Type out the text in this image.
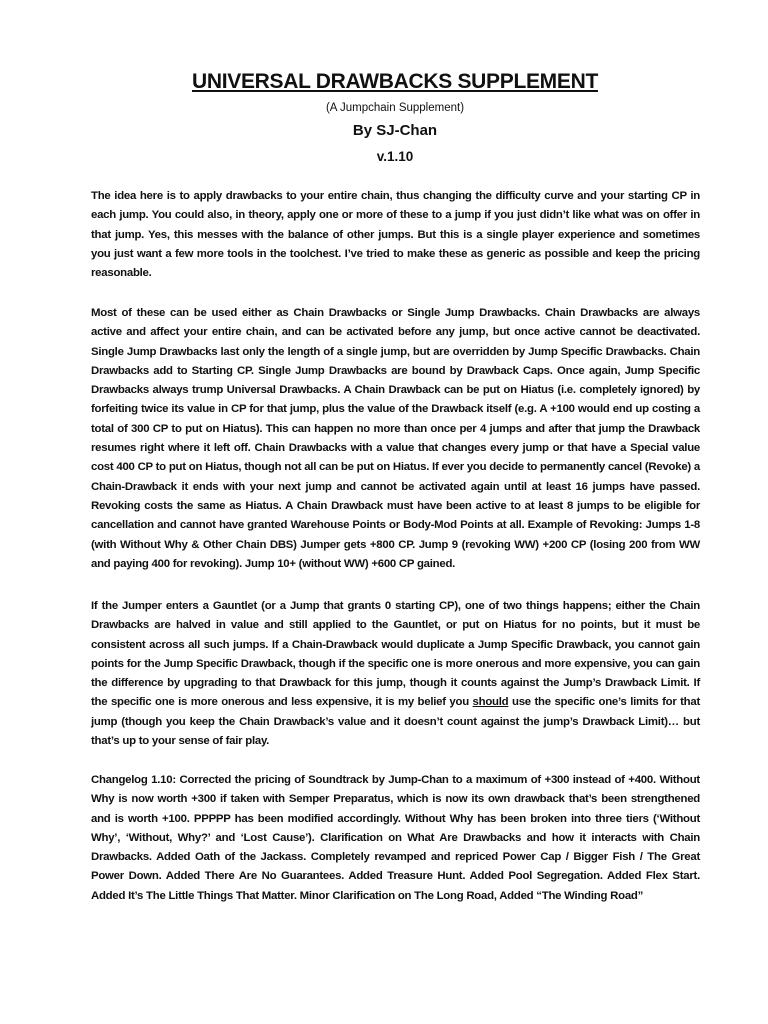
UNIVERSAL DRAWBACKS SUPPLEMENT
(A Jumpchain Supplement)
By SJ-Chan
v.1.10

The idea here is to apply drawbacks to your entire chain, thus changing the difficulty curve and your starting CP in each jump. You could also, in theory, apply one or more of these to a jump if you just didn’t like what was on offer in that jump. Yes, this messes with the balance of other jumps. But this is a single player experience and sometimes you just want a few more tools in the toolchest. I’ve tried to make these as generic as possible and keep the pricing reasonable.

Most of these can be used either as Chain Drawbacks or Single Jump Drawbacks. Chain Drawbacks are always active and affect your entire chain, and can be activated before any jump, but once active cannot be deactivated. Single Jump Drawbacks last only the length of a single jump, but are overridden by Jump Specific Drawbacks. Chain Drawbacks add to Starting CP. Single Jump Drawbacks are bound by Drawback Caps. Once again, Jump Specific Drawbacks always trump Universal Drawbacks. A Chain Drawback can be put on Hiatus (i.e. completely ignored) by forfeiting twice its value in CP for that jump, plus the value of the Drawback itself (e.g. A +100 would end up costing a total of 300 CP to put on Hiatus). This can happen no more than once per 4 jumps and after that jump the Drawback resumes right where it left off. Chain Drawbacks with a value that changes every jump or that have a Special value cost 400 CP to put on Hiatus, though not all can be put on Hiatus. If ever you decide to permanently cancel (Revoke) a Chain-Drawback it ends with your next jump and cannot be activated again until at least 16 jumps have passed. Revoking costs the same as Hiatus. A Chain Drawback must have been active to at least 8 jumps to be eligible for cancellation and cannot have granted Warehouse Points or Body-Mod Points at all. Example of Revoking: Jumps 1-8 (with Without Why & Other Chain DBS) Jumper gets +800 CP. Jump 9 (revoking WW) +200 CP (losing 200 from WW and paying 400 for revoking). Jump 10+ (without WW) +600 CP gained.

If the Jumper enters a Gauntlet (or a Jump that grants 0 starting CP), one of two things happens; either the Chain Drawbacks are halved in value and still applied to the Gauntlet, or put on Hiatus for no points, but it must be consistent across all such jumps. If a Chain-Drawback would duplicate a Jump Specific Drawback, you cannot gain points for the Jump Specific Drawback, though if the specific one is more onerous and more expensive, you can gain the difference by upgrading to that Drawback for this jump, though it counts against the Jump’s Drawback Limit. If the specific one is more onerous and less expensive, it is my belief you should use the specific one’s limits for that jump (though you keep the Chain Drawback’s value and it doesn’t count against the jump’s Drawback Limit)… but that’s up to your sense of fair play.

Changelog 1.10: Corrected the pricing of Soundtrack by Jump-Chan to a maximum of +300 instead of +400. Without Why is now worth +300 if taken with Semper Preparatus, which is now its own drawback that’s been strengthened and is worth +100. PPPPP has been modified accordingly. Without Why has been broken into three tiers (‘Without Why’, ‘Without, Why?’ and ‘Lost Cause’). Clarification on What Are Drawbacks and how it interacts with Chain Drawbacks. Added Oath of the Jackass. Completely revamped and repriced Power Cap / Bigger Fish / The Great Power Down. Added There Are No Guarantees. Added Treasure Hunt. Added Pool Segregation. Added Flex Start. Added It’s The Little Things That Matter. Minor Clarification on The Long Road, Added “The Winding Road”
